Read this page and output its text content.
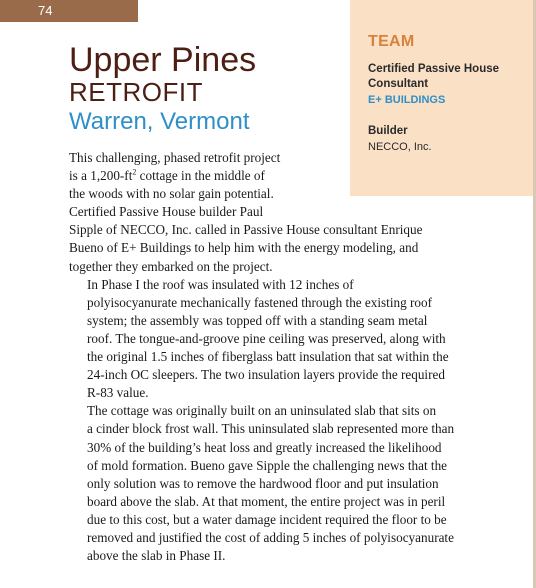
74
TEAM
Certified Passive House Consultant
E+ BUILDINGS
Builder
NECCO, Inc.
Upper Pines
RETROFIT
Warren, Vermont

This challenging, phased retrofit project
is a $1,200-ft^2$ cottage in the middle of
the woods with no solar gain potential.
Certified Passive House builder Paul
Sipple of NECCO, Inc. called in Passive House consultant Enrique
Bueno of E+ Buildings to help him with the energy modeling, and
together they embarked on the project.

In Phase I the roof was insulated with 12 inches of
polyisocyanurate mechanically fastened through the existing roof
system; the assembly was topped off with a standing seam metal
roof. The tongue-and-groove pine ceiling was preserved, along with
the original 1.5 inches of fiberglass batt insulation that sat within the
24-inch OC sleepers. The two insulation layers provide the required
R-83 value.

The cottage was originally built on an uninsulated slab that sits on
a cinder block frost wall. This uninsulated slab represented more than
30% of the building’s heat loss and greatly increased the likelihood
of mold formation. Bueno gave Sipple the challenging news that the
only solution was to remove the hardwood floor and put insulation
board above the slab. At that moment, the entire project was in peril
due to this cost, but a water damage incident required the floor to be
removed and justified the cost of adding 5 inches of polyisocyanurate
above the slab in Phase II.
